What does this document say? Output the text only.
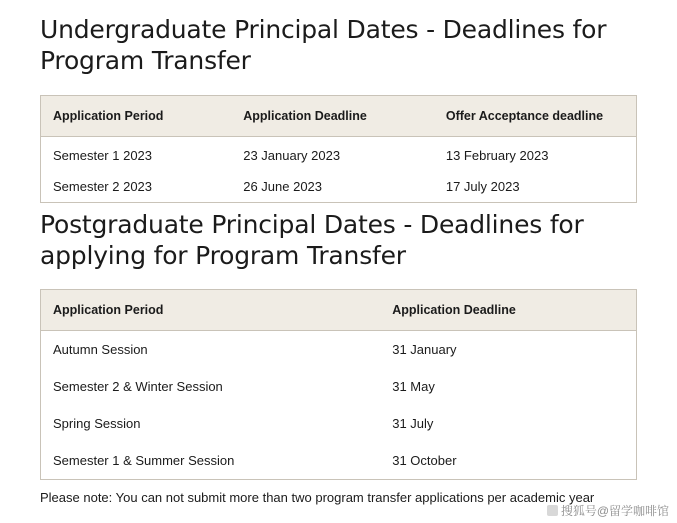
Undergraduate Principal Dates - Deadlines for Program Transfer
Application Period	Application Deadline	Offer Acceptance deadline
Semester 1 2023	23 January 2023	13 February 2023
Semester 2 2023	26 June 2023	17 July 2023
Postgraduate Principal Dates - Deadlines for applying for Program Transfer
Application Period	Application Deadline
Autumn Session	31 January
Semester 2 & Winter Session	31 May
Spring Session	31 July
Semester 1 & Summer Session	31 October

Please note: You can not submit more than two program transfer applications per academic year

搜狐号@留学咖啡馆
